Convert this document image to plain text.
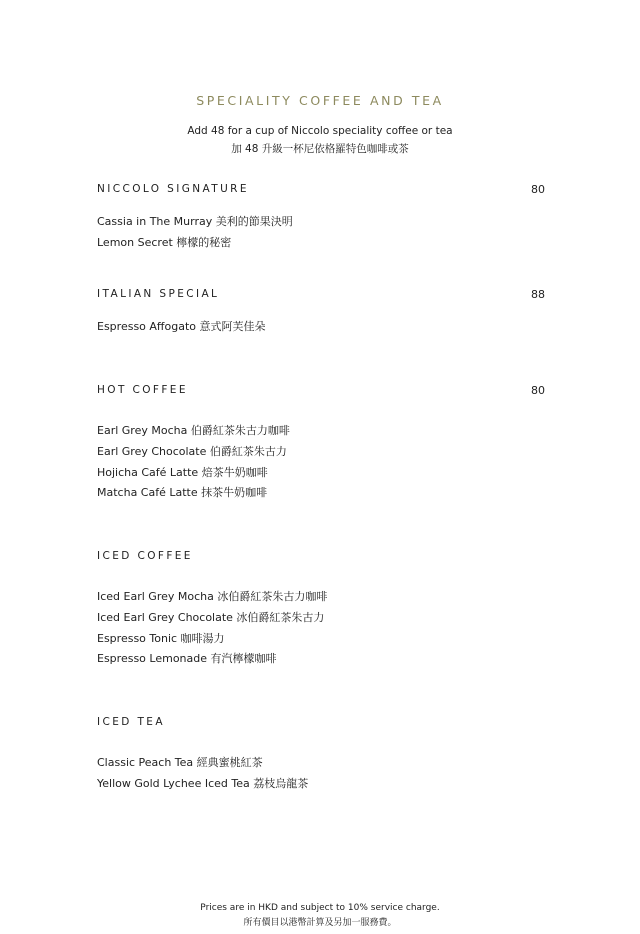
SPECIALITY COFFEE AND TEA
Add 48 for a cup of Niccolo speciality coffee or tea
加 48 升級一杯尼依格羅特色咖啡或茶
NICCOLO SIGNATURE	80
Cassia in The Murray 美利的節果決明
Lemon Secret 檸檬的秘密
ITALIAN SPECIAL	88
Espresso Affogato 意式阿芙佳朵
HOT COFFEE	80
Earl Grey Mocha 伯爵紅茶朱古力咖啡
Earl Grey Chocolate 伯爵紅茶朱古力
Hojicha Café Latte 焙茶牛奶咖啡
Matcha Café Latte 抹茶牛奶咖啡
ICED COFFEE
Iced Earl Grey Mocha 冰伯爵紅茶朱古力咖啡
Iced Earl Grey Chocolate 冰伯爵紅茶朱古力
Espresso Tonic 咖啡湯力
Espresso Lemonade 有汽檸檬咖啡
ICED TEA
Classic Peach Tea 經典蜜桃紅茶
Yellow Gold Lychee Iced Tea 荔枝烏龍茶
Prices are in HKD and subject to 10% service charge.
所有價目以港幣計算及另加一服務費。
